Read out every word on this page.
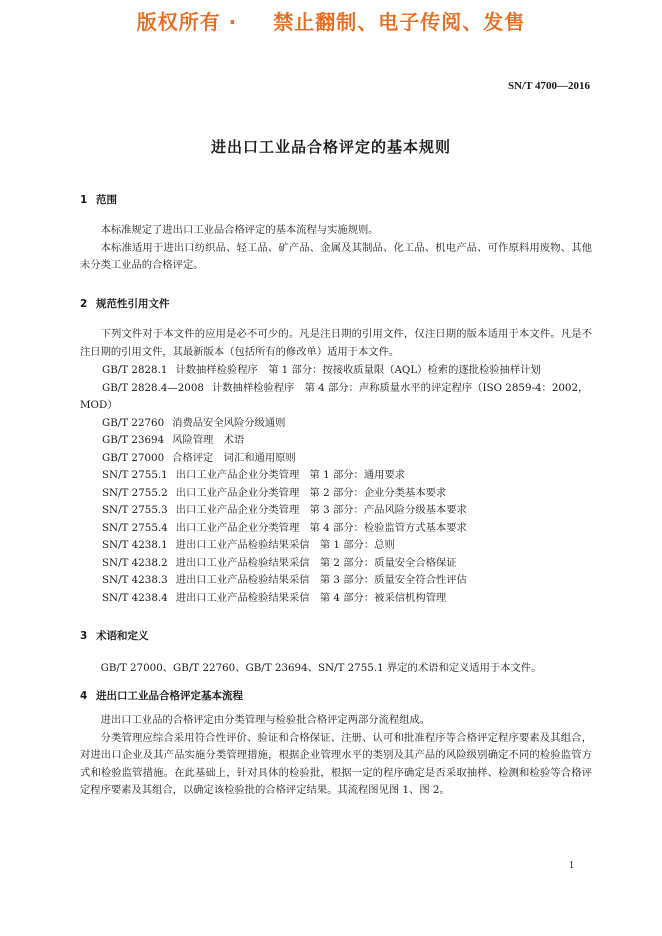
版权所有 · 禁止翻制、电子传阅、发售
SN/T 4700—2016
进出口工业品合格评定的基本规则
1 范围

本标准规定了进出口工业品合格评定的基本流程与实施规则。

本标准适用于进出口纺织品、轻工品、矿产品、金属及其制品、化工品、机电产品、可作原料用废物、其他未分类工业品的合格评定。

2 规范性引用文件

下列文件对于本文件的应用是必不可少的。凡是注日期的引用文件，仅注日期的版本适用于本文件。凡是不注日期的引用文件，其最新版本（包括所有的修改单）适用于本文件。

GB/T 2828.1 计数抽样检验程序　第 1 部分：按接收质量限（AQL）检索的逐批检验抽样计划
GB/T 2828.4—2008 计数抽样检验程序　第 4 部分：声称质量水平的评定程序（ISO 2859-4：2002，MOD）
GB/T 22760 消费品安全风险分级通则
GB/T 23694 风险管理　术语
GB/T 27000 合格评定　词汇和通用原则
SN/T 2755.1 出口工业产品企业分类管理　第 1 部分：通用要求
SN/T 2755.2 出口工业产品企业分类管理　第 2 部分：企业分类基本要求
SN/T 2755.3 出口工业产品企业分类管理　第 3 部分：产品风险分级基本要求
SN/T 2755.4 出口工业产品企业分类管理　第 4 部分：检验监管方式基本要求
SN/T 4238.1 进出口工业产品检验结果采信　第 1 部分：总则
SN/T 4238.2 进出口工业产品检验结果采信　第 2 部分：质量安全合格保证
SN/T 4238.3 进出口工业产品检验结果采信　第 3 部分：质量安全符合性评估
SN/T 4238.4 进出口工业产品检验结果采信　第 4 部分：被采信机构管理
3 术语和定义

GB/T 27000、GB/T 22760、GB/T 23694、SN/T 2755.1 界定的术语和定义适用于本文件。

4 进出口工业品合格评定基本流程

进出口工业品的合格评定由分类管理与检验批合格评定两部分流程组成。

分类管理应综合采用符合性评价、验证和合格保证、注册、认可和批准程序等合格评定程序要素及其组合，对进出口企业及其产品实施分类管理措施，根据企业管理水平的类别及其产品的风险级别确定不同的检验监管方式和检验监管措施。在此基础上，针对具体的检验批，根据一定的程序确定是否采取抽样、检测和检验等合格评定程序要素及其组合，以确定该检验批的合格评定结果。其流程图见图 1、图 2。

1
